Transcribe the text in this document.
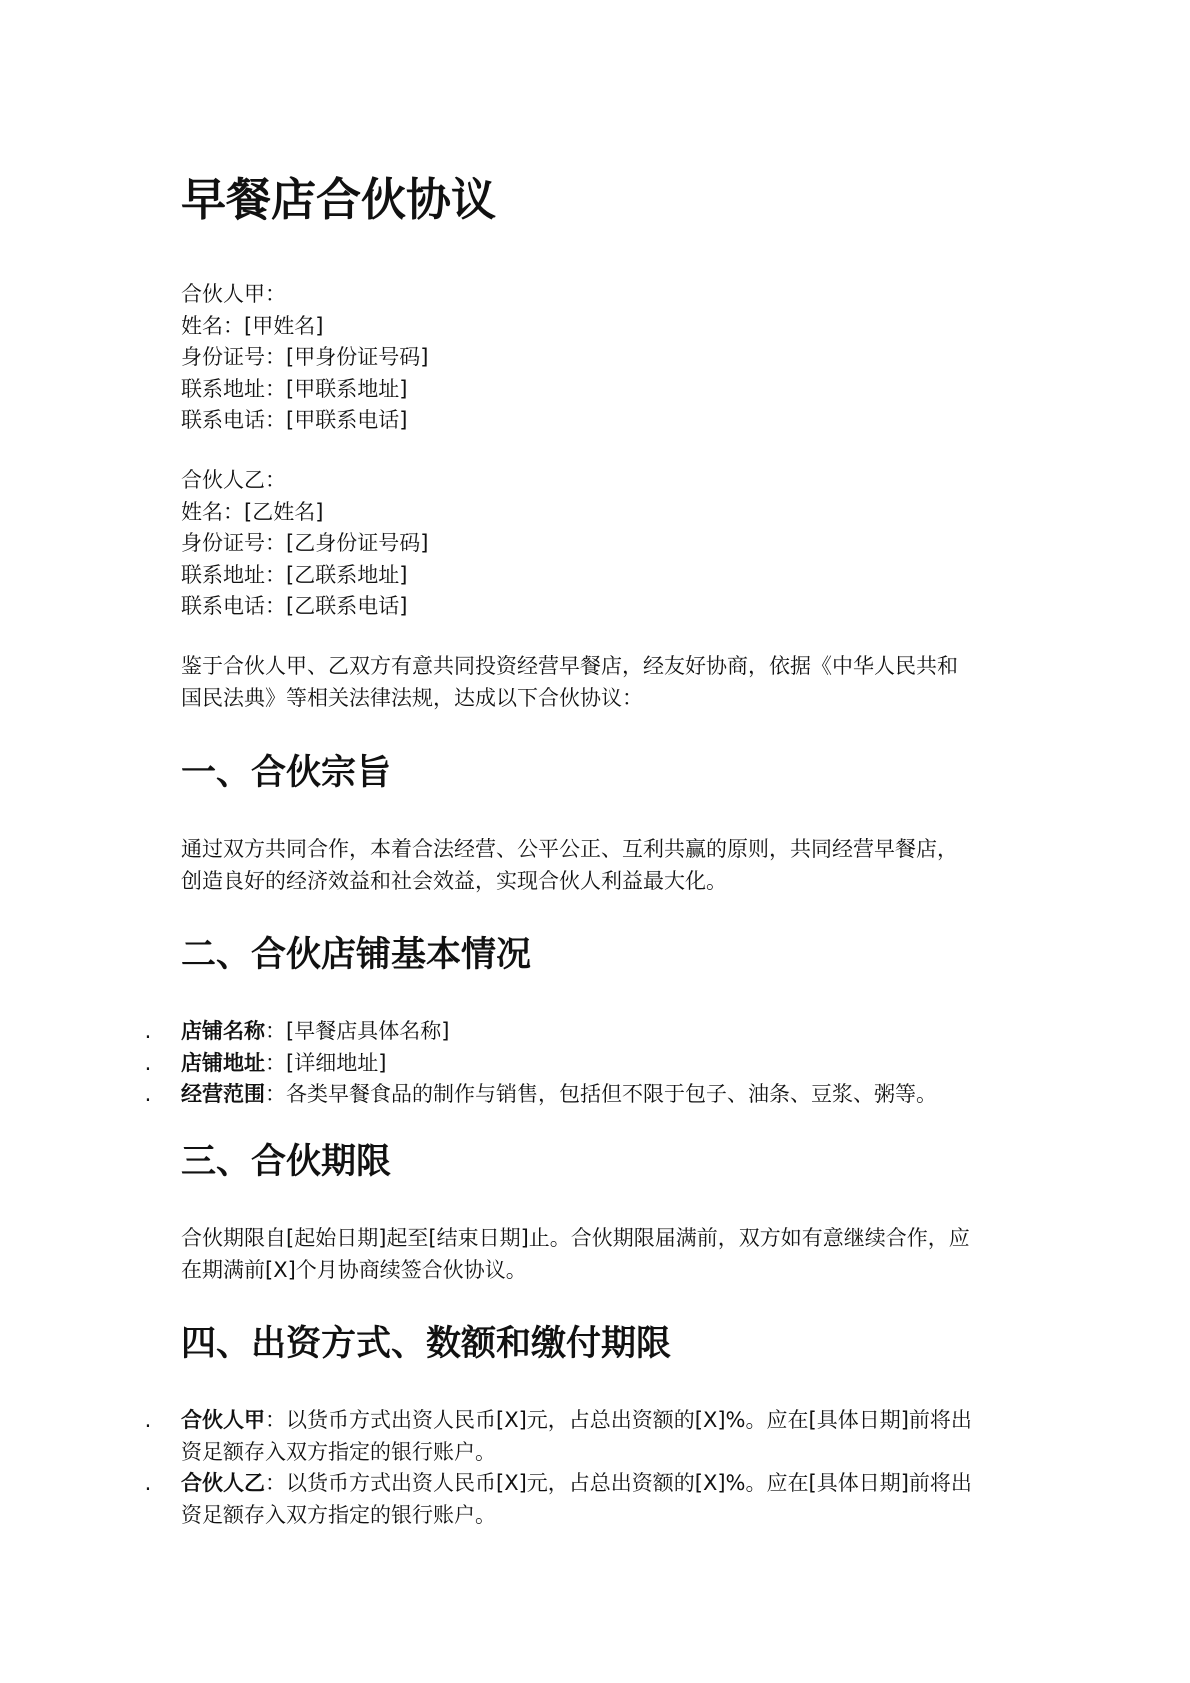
早餐店合伙协议
合伙人甲：
姓名：[甲姓名]
身份证号：[甲身份证号码]
联系地址：[甲联系地址]
联系电话：[甲联系电话]
合伙人乙：
姓名：[乙姓名]
身份证号：[乙身份证号码]
联系地址：[乙联系地址]
联系电话：[乙联系电话]
鉴于合伙人甲、乙双方有意共同投资经营早餐店，经友好协商，依据《中华人民共和
国民法典》等相关法律法规，达成以下合伙协议：
一、合伙宗旨
通过双方共同合作，本着合法经营、公平公正、互利共赢的原则，共同经营早餐店，
创造良好的经济效益和社会效益，实现合伙人利益最大化。
二、合伙店铺基本情况
.
店铺名称：[早餐店具体名称]
.
店铺地址：[详细地址]
.
经营范围：各类早餐食品的制作与销售，包括但不限于包子、油条、豆浆、粥等。
三、合伙期限
合伙期限自[起始日期]起至[结束日期]止。合伙期限届满前，双方如有意继续合作，应
在期满前[X]个月协商续签合伙协议。
四、出资方式、数额和缴付期限
.
合伙人甲：以货币方式出资人民币[X]元，占总出资额的[X]%。应在[具体日期]前将出
资足额存入双方指定的银行账户。
.
合伙人乙：以货币方式出资人民币[X]元，占总出资额的[X]%。应在[具体日期]前将出
资足额存入双方指定的银行账户。
